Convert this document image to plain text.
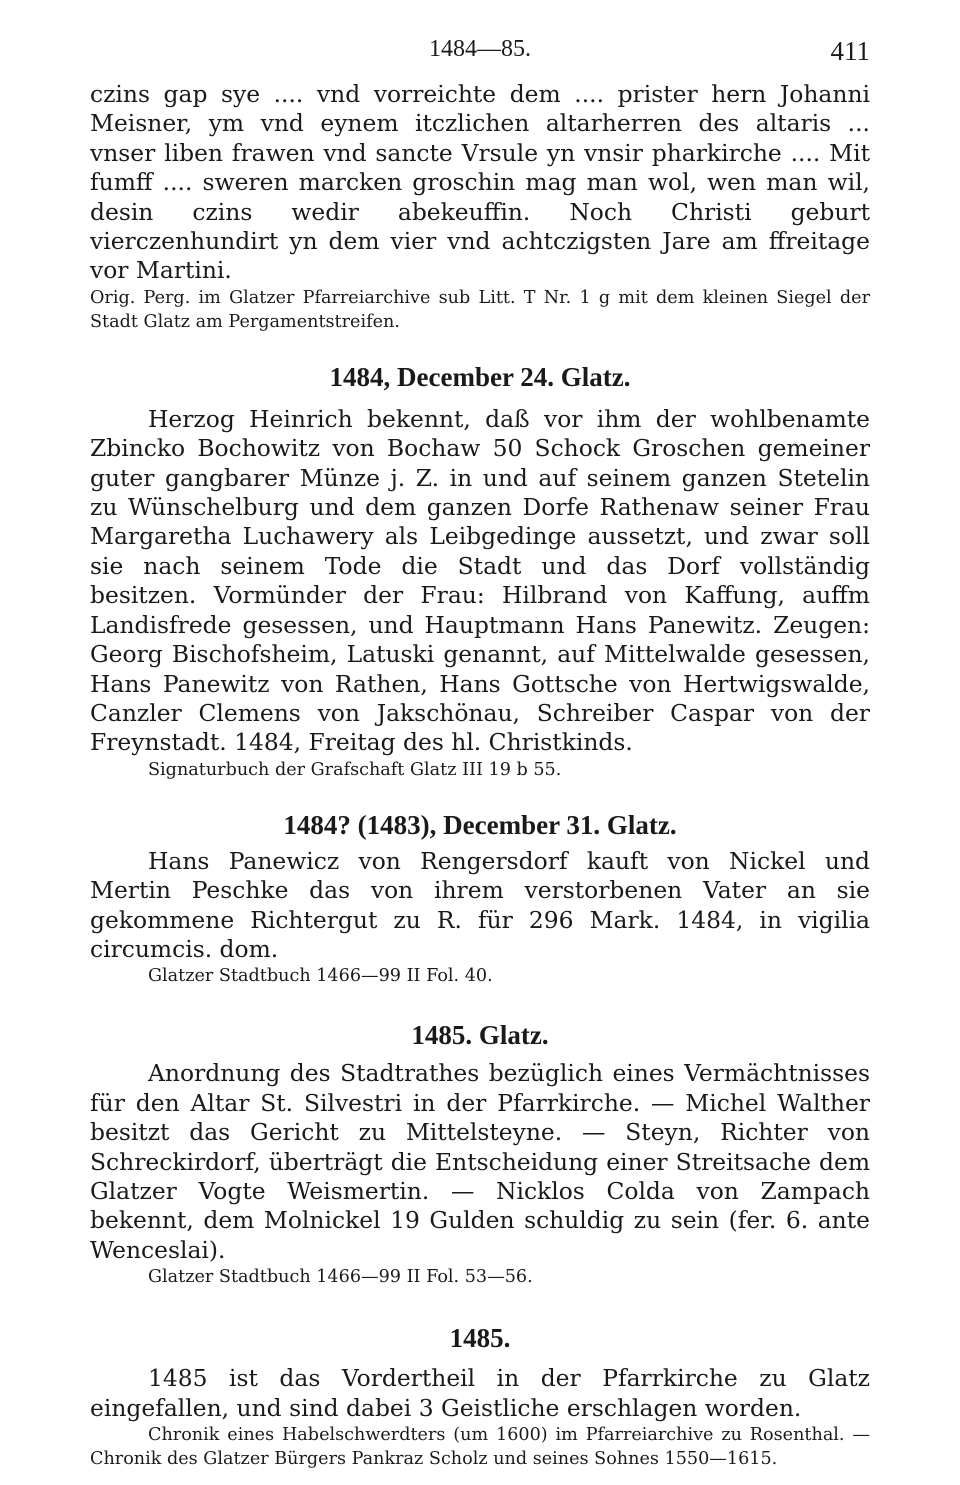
1484—85.	411

czins gap sye .... vnd vorreichte dem .... prister hern Johanni Meisner, ym vnd eynem itczlichen altarherren des altaris ... vnser liben frawen vnd sancte Vrsule yn vnsir pharkirche .... Mit fumff .... sweren marcken groschin mag man wol, wen man wil, desin czins wedir abekeuffin. Noch Christi geburt vierczenhundirt yn dem vier vnd achtczigsten Jare am ffreitage vor Martini.

Orig. Perg. im Glatzer Pfarreiarchive sub Litt. T Nr. 1 g mit dem kleinen Siegel der Stadt Glatz am Pergamentstreifen.

1484, December 24. Glatz.

Herzog Heinrich bekennt, daß vor ihm der wohlbenamte Zbincko Bochowitz von Bochaw 50 Schock Groschen gemeiner guter gangbarer Münze j. Z. in und auf seinem ganzen Stetelin zu Wünschelburg und dem ganzen Dorfe Rathenaw seiner Frau Margaretha Luchawery als Leibgedinge aussetzt, und zwar soll sie nach seinem Tode die Stadt und das Dorf vollständig besitzen. Vormünder der Frau: Hilbrand von Kaffung, auffm Landisfrede gesessen, und Hauptmann Hans Panewitz. Zeugen: Georg Bischofsheim, Latuski genannt, auf Mittelwalde gesessen, Hans Panewitz von Rathen, Hans Gottsche von Hertwigswalde, Canzler Clemens von Jakschönau, Schreiber Caspar von der Freynstadt. 1484, Freitag des hl. Christkinds.

Signaturbuch der Grafschaft Glatz III 19 b 55.

1484? (1483), December 31. Glatz.

Hans Panewicz von Rengersdorf kauft von Nickel und Mertin Peschke das von ihrem verstorbenen Vater an sie gekommene Richtergut zu R. für 296 Mark. 1484, in vigilia circumcis. dom.

Glatzer Stadtbuch 1466—99 II Fol. 40.

1485. Glatz.

Anordnung des Stadtrathes bezüglich eines Vermächtnisses für den Altar St. Silvestri in der Pfarrkirche. — Michel Walther besitzt das Gericht zu Mittelsteyne. — Steyn, Richter von Schreckirdorf, überträgt die Entscheidung einer Streitsache dem Glatzer Vogte Weismertin. — Nicklos Colda von Zampach bekennt, dem Molnickel 19 Gulden schuldig zu sein (fer. 6. ante Wenceslai).

Glatzer Stadtbuch 1466—99 II Fol. 53—56.

1485.

1485 ist das Vordertheil in der Pfarrkirche zu Glatz eingefallen, und sind dabei 3 Geistliche erschlagen worden.

Chronik eines Habelschwerdters (um 1600) im Pfarreiarchive zu Rosenthal. — Chronik des Glatzer Bürgers Pankraz Scholz und seines Sohnes 1550—1615.
